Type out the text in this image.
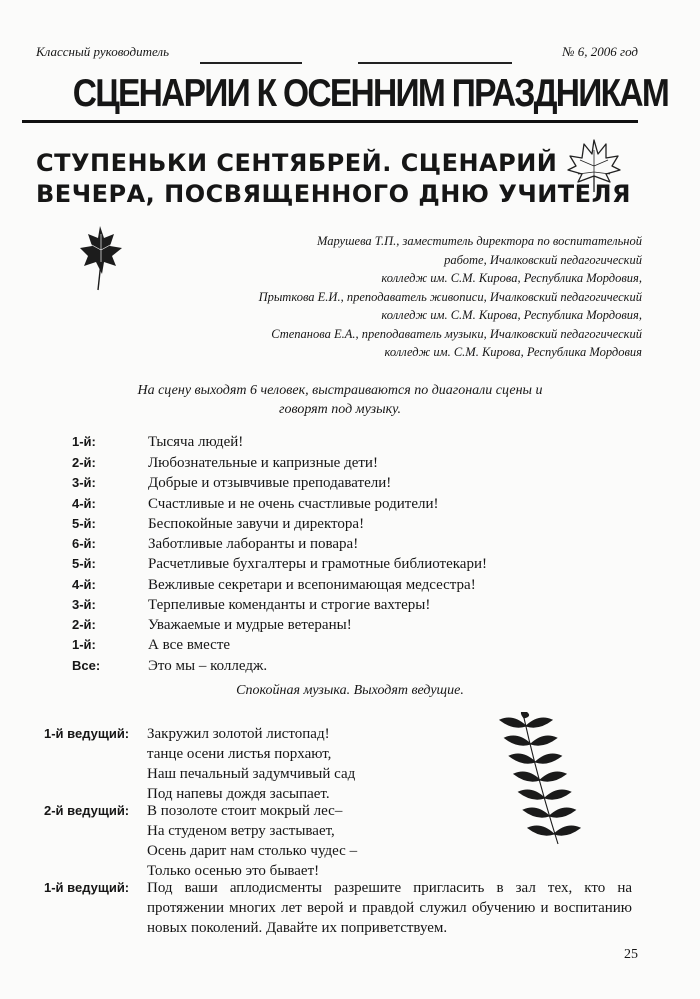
Классный руководитель	№ 6, 2006 год
СЦЕНАРИИ К ОСЕННИМ ПРАЗДНИКАМ
СТУПЕНЬКИ СЕНТЯБРЕЙ. СЦЕНАРИЙ
ВЕЧЕРА, ПОСВЯЩЕННОГО ДНЮ УЧИТЕЛЯ
Марушева Т.П., заместитель директора по воспитательной
работе, Ичалковский педагогический
колледж им. С.М. Кирова, Республика Мордовия,
Прыткова Е.И., преподаватель живописи, Ичалковский педагогический
колледж им. С.М. Кирова, Республика Мордовия,
Степанова Е.А., преподаватель музыки, Ичалковский педагогический
колледж им. С.М. Кирова, Республика Мордовия
На сцену выходят 6 человек, выстраиваются по диагонали сцены и
говорят под музыку.
1-й:	Тысяча людей!
2-й:	Любознательные и капризные дети!
3-й:	Добрые и отзывчивые преподаватели!
4-й:	Счастливые и не очень счастливые родители!
5-й:	Беспокойные завучи и директора!
6-й:	Заботливые лаборанты и повара!
5-й:	Расчетливые бухгалтеры и грамотные библиотекари!
4-й:	Вежливые секретари и всепонимающая медсестра!
3-й:	Терпеливые коменданты и строгие вахтеры!
2-й:	Уважаемые и мудрые ветераны!
1-й:	А все вместе
Все:	Это мы – колледж.
Спокойная музыка. Выходят ведущие.
1-й ведущий: Закружил золотой листопад!
танце осени листья порхают,
Наш печальный задумчивый сад
Под напевы дождя засыпает.
2-й ведущий: В позолоте стоит мокрый лес–
На студеном ветру застывает,
Осень дарит нам столько чудес –
Только осенью это бывает!
1-й ведущий: Под ваши аплодисменты разрешите пригласить в зал тех, кто на протяжении многих лет верой и правдой служил обучению и воспитанию новых поколений. Давайте их поприветствуем.
25
